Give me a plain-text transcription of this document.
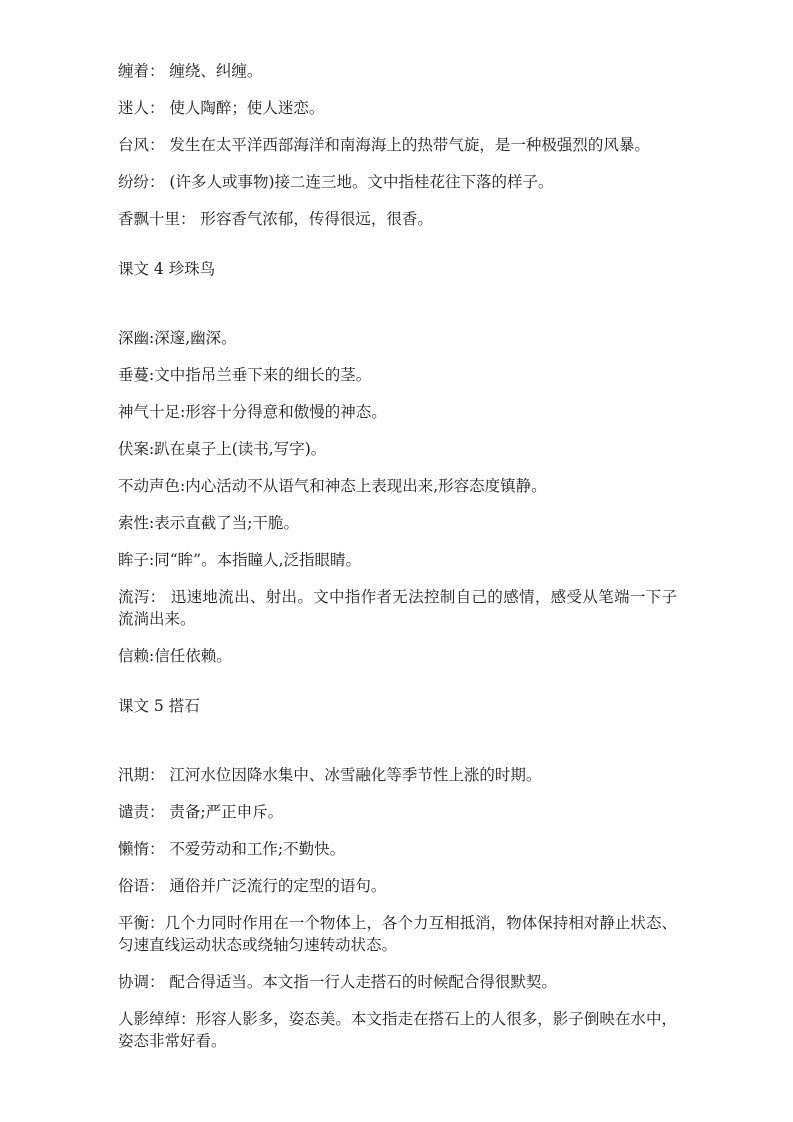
缠着： 缠绕、纠缠。

迷人： 使人陶醉；使人迷恋。

台风： 发生在太平洋西部海洋和南海海上的热带气旋，是一种极强烈的风暴。

纷纷： (许多人或事物)接二连三地。文中指桂花往下落的样子。

香飘十里： 形容香气浓郁，传得很远，很香。

课文 4 珍珠鸟

深幽:深邃,幽深。

垂蔓:文中指吊兰垂下来的细长的茎。

神气十足:形容十分得意和傲慢的神态。

伏案:趴在桌子上(读书,写字)。

不动声色:内心活动不从语气和神态上表现出来,形容态度镇静。

索性:表示直截了当;干脆。

眸子:同“眸”。本指瞳人,泛指眼睛。

流泻： 迅速地流出、射出。文中指作者无法控制自己的感情，感受从笔端一下子流淌出来。

信赖:信任依赖。

课文 5 搭石

汛期： 江河水位因降水集中、冰雪融化等季节性上涨的时期。

谴责： 责备;严正申斥。

懒惰： 不爱劳动和工作;不勤快。

俗语： 通俗并广泛流行的定型的语句。

平衡：几个力同时作用在一个物体上，各个力互相抵消，物体保持相对静止状态、匀速直线运动状态或绕轴匀速转动状态。

协调： 配合得适当。本文指一行人走搭石的时候配合得很默契。

人影绰绰：形容人影多，姿态美。本文指走在搭石上的人很多，影子倒映在水中，姿态非常好看。
